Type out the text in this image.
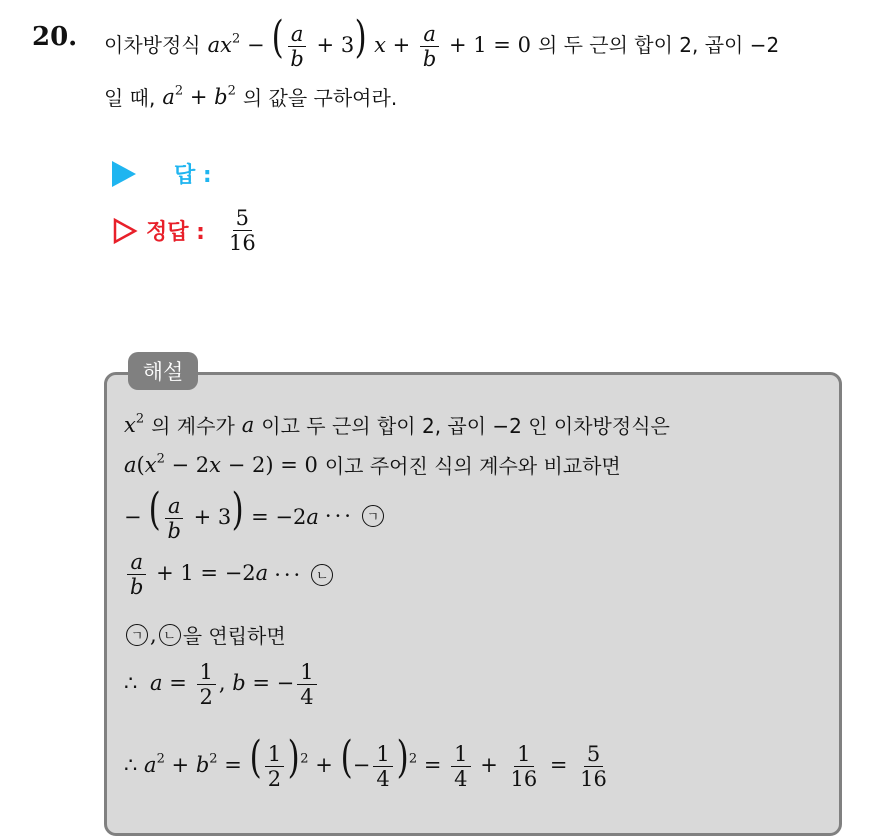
20. 이차방정식 $ax^2$ − ( $\frac{a}{b} + 3$) $x + \frac{a}{b} + 1 = 0$ 의 두 근의 합이 2, 곱이 −2
일 때, $a^2 + b^2$ 의 값을 구하여라.
답 :
정답 : $\frac{5}{16}$
해설
$x^2$ 의 계수가 a 이고 두 근의 합이 2, 곱이 −2 인 이차방정식은
$a(x^2 - 2x - 2) = 0$ 이고 주어진 식의 계수와 비교하면
− ( $\frac{a}{b} + 3) = -2a$ ··· ㄱ
$\frac{a}{b} + 1 = -2a$ ··· ㄴ
ㄱ , ㄴ 을 연립하면
∴ $a = \frac{1}{2}$ , b = − $\frac{1}{4}$
∴ $a^2 + b^2$ = ( $\frac{1}{2} )^2$ + (− $\frac{1}{4} )^2 = \frac{1}{4} + \frac{1}{16} = \frac{5}{16}$
